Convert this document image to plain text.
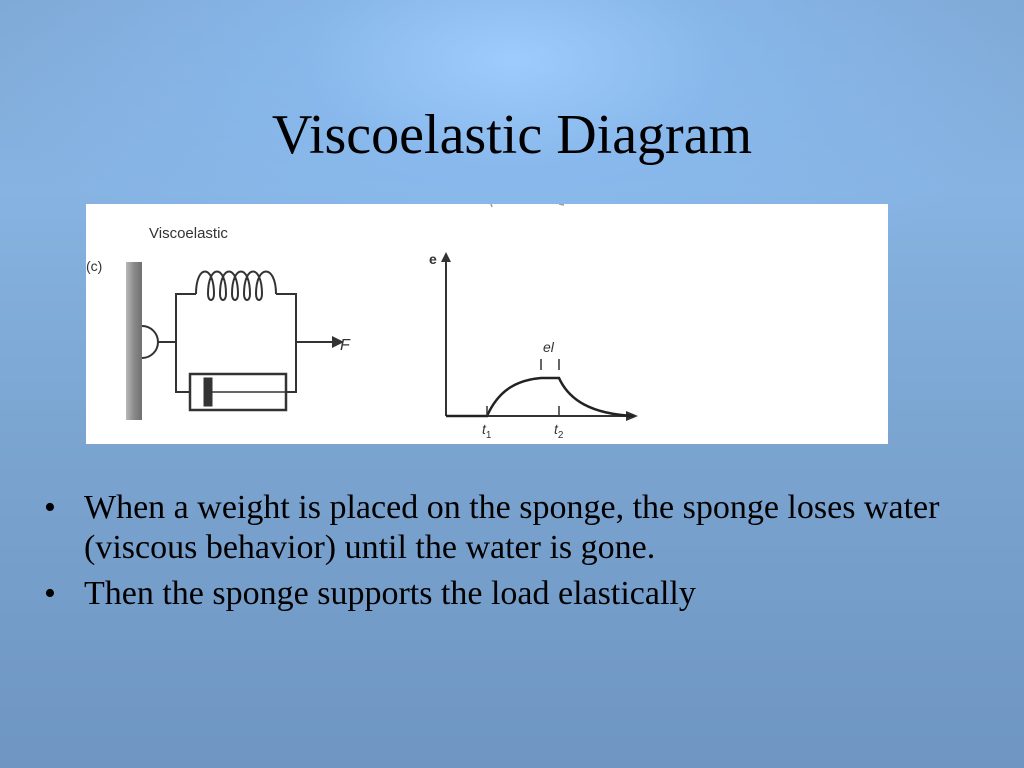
Viscoelastic Diagram
Viscoelastic
(c)
F
e
el
$t_1$	$t_2$
• When a weight is placed on the sponge, the sponge loses water (viscous behavior) until the water is gone.
• Then the sponge supports the load elastically
